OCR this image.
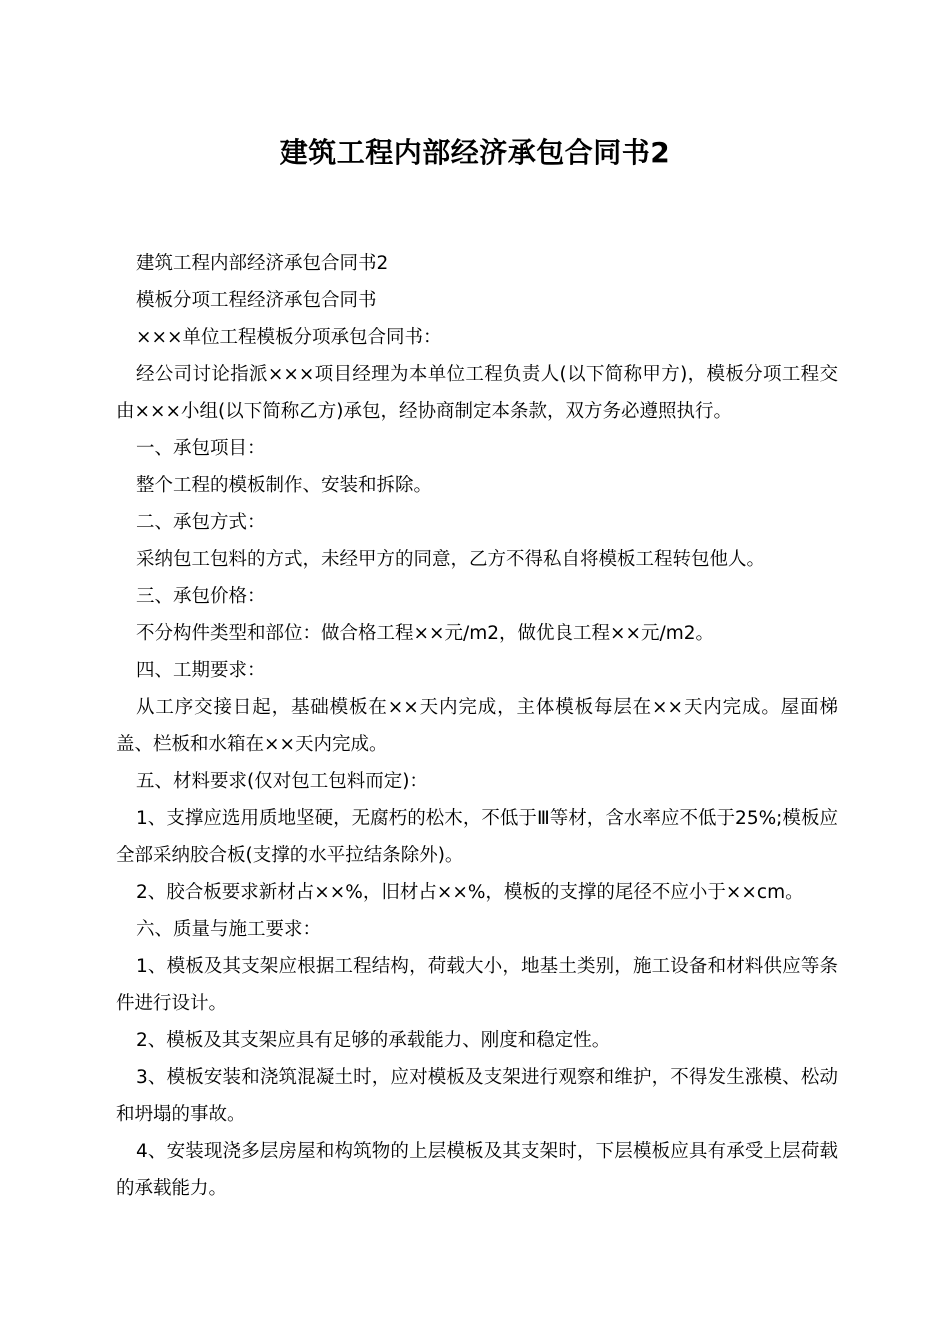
建筑工程内部经济承包合同书2

建筑工程内部经济承包合同书2

模板分项工程经济承包合同书

×××单位工程模板分项承包合同书：

经公司讨论指派×××项目经理为本单位工程负责人(以下简称甲方)，模板分项工程交由×××小组(以下简称乙方)承包，经协商制定本条款，双方务必遵照执行。

一、承包项目：

整个工程的模板制作、安装和拆除。

二、承包方式：

采纳包工包料的方式，未经甲方的同意，乙方不得私自将模板工程转包他人。

三、承包价格：

不分构件类型和部位：做合格工程××元/m2，做优良工程××元/m2。

四、工期要求：

从工序交接日起，基础模板在××天内完成，主体模板每层在××天内完成。屋面梯盖、栏板和水箱在××天内完成。

五、材料要求(仅对包工包料而定)：

1、支撑应选用质地坚硬，无腐朽的松木，不低于Ⅲ等材，含水率应不低于25%;模板应全部采纳胶合板(支撑的水平拉结条除外)。

2、胶合板要求新材占××%，旧材占××%，模板的支撑的尾径不应小于××cm。

六、质量与施工要求：

1、模板及其支架应根据工程结构，荷载大小，地基土类别，施工设备和材料供应等条件进行设计。

2、模板及其支架应具有足够的承载能力、刚度和稳定性。

3、模板安装和浇筑混凝土时，应对模板及支架进行观察和维护，不得发生涨模、松动和坍塌的事故。

4、安装现浇多层房屋和构筑物的上层模板及其支架时，下层模板应具有承受上层荷载的承载能力。
